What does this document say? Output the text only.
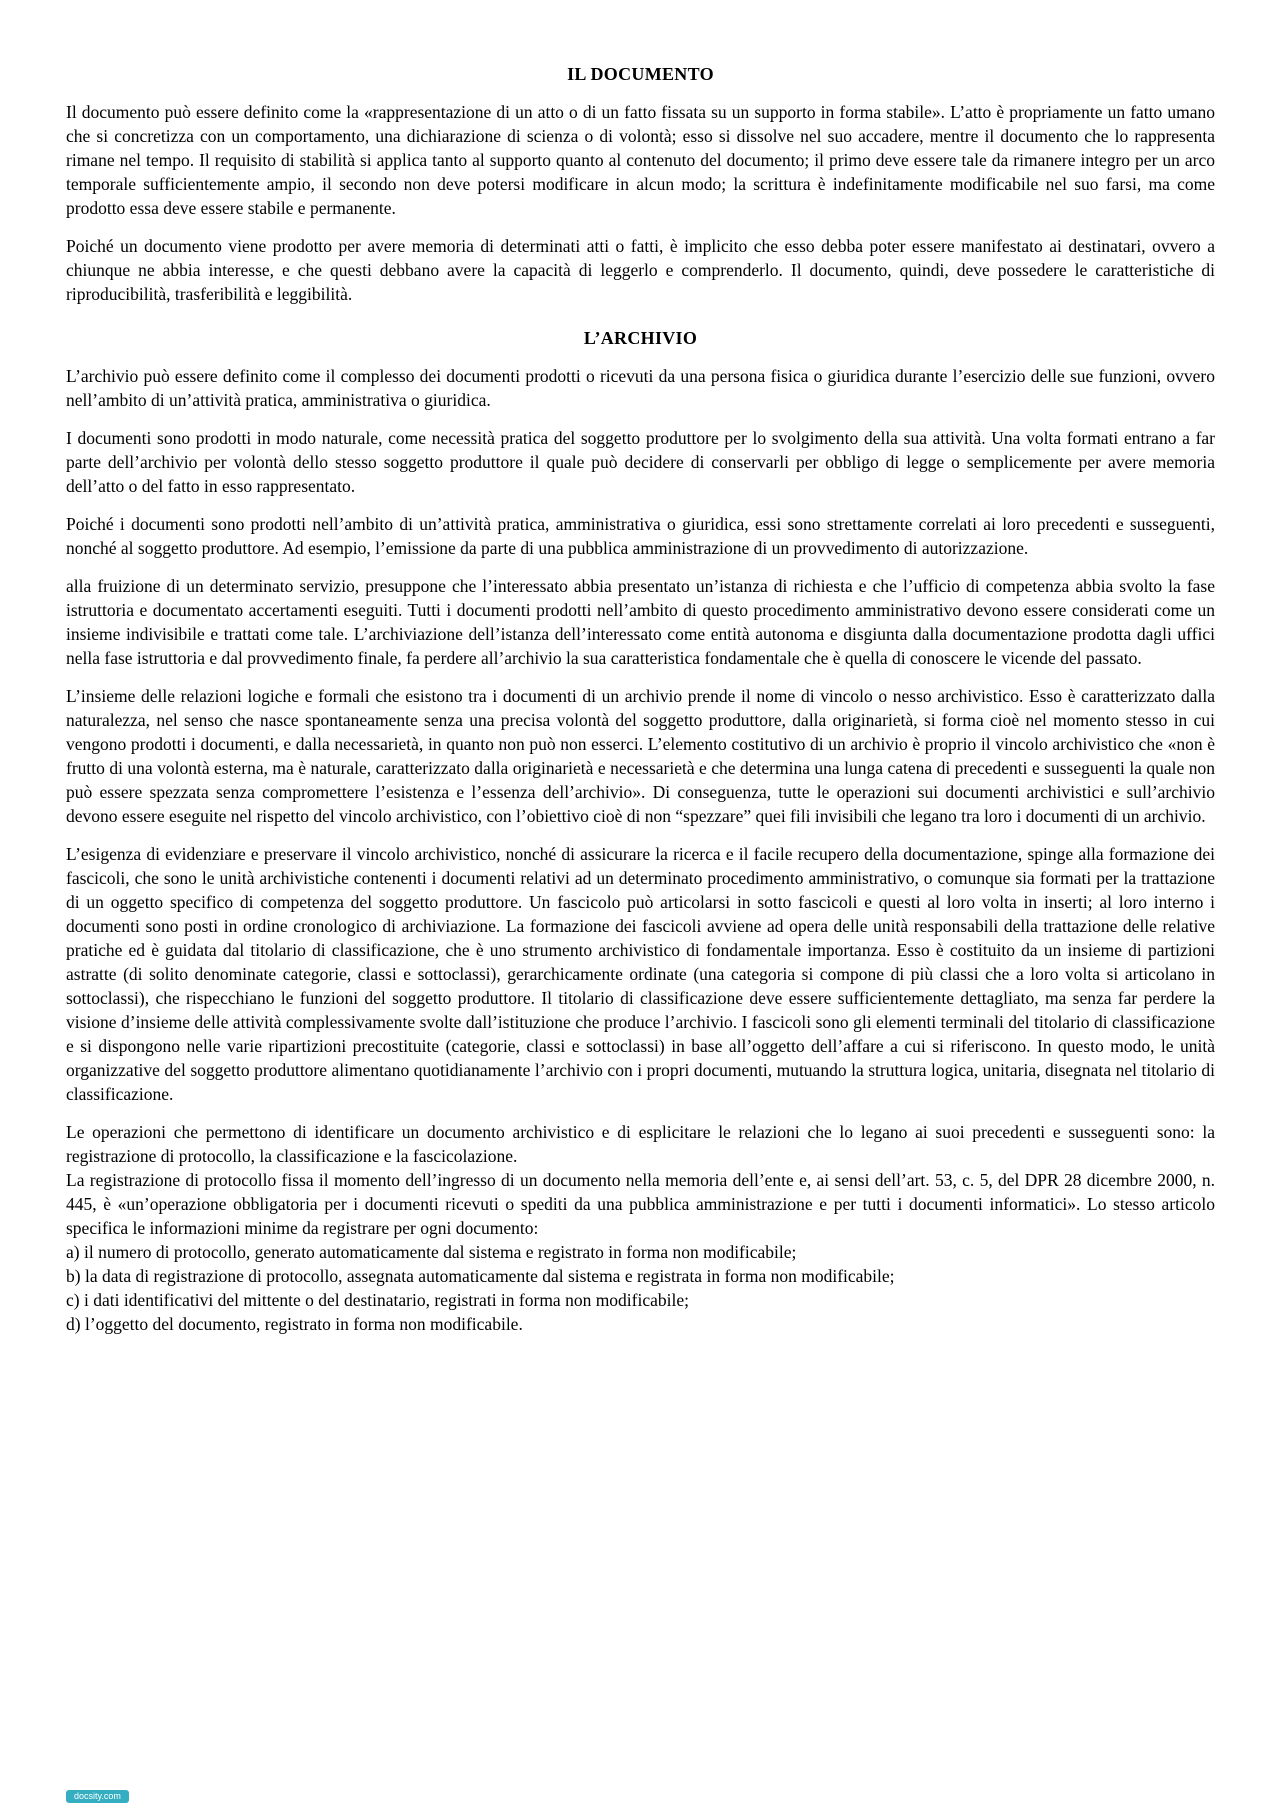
IL DOCUMENTO

Il documento può essere definito come la «rappresentazione di un atto o di un fatto fissata su un supporto in forma stabile». L’atto è propriamente un fatto umano che si concretizza con un comportamento, una dichiarazione di scienza o di volontà; esso si dissolve nel suo accadere, mentre il documento che lo rappresenta rimane nel tempo. Il requisito di stabilità si applica tanto al supporto quanto al contenuto del documento; il primo deve essere tale da rimanere integro per un arco temporale sufficientemente ampio, il secondo non deve potersi modificare in alcun modo; la scrittura è indefinitamente modificabile nel suo farsi, ma come prodotto essa deve essere stabile e permanente.

Poiché un documento viene prodotto per avere memoria di determinati atti o fatti, è implicito che esso debba poter essere manifestato ai destinatari, ovvero a chiunque ne abbia interesse, e che questi debbano avere la capacità di leggerlo e comprenderlo. Il documento, quindi, deve possedere le caratteristiche di riproducibilità, trasferibilità e leggibilità.

L’ARCHIVIO

L’archivio può essere definito come il complesso dei documenti prodotti o ricevuti da una persona fisica o giuridica durante l’esercizio delle sue funzioni, ovvero nell’ambito di un’attività pratica, amministrativa o giuridica.

I documenti sono prodotti in modo naturale, come necessità pratica del soggetto produttore per lo svolgimento della sua attività. Una volta formati entrano a far parte dell’archivio per volontà dello stesso soggetto produttore il quale può decidere di conservarli per obbligo di legge o semplicemente per avere memoria dell’atto o del fatto in esso rappresentato.

Poiché i documenti sono prodotti nell’ambito di un’attività pratica, amministrativa o giuridica, essi sono strettamente correlati ai loro precedenti e susseguenti, nonché al soggetto produttore. Ad esempio, l’emissione da parte di una pubblica amministrazione di un provvedimento di autorizzazione.

alla fruizione di un determinato servizio, presuppone che l’interessato abbia presentato un’istanza di richiesta e che l’ufficio di competenza abbia svolto la fase istruttoria e documentato accertamenti eseguiti. Tutti i documenti prodotti nell’ambito di questo procedimento amministrativo devono essere considerati come un insieme indivisibile e trattati come tale. L’archiviazione dell’istanza dell’interessato come entità autonoma e disgiunta dalla documentazione prodotta dagli uffici nella fase istruttoria e dal provvedimento finale, fa perdere all’archivio la sua caratteristica fondamentale che è quella di conoscere le vicende del passato.

L’insieme delle relazioni logiche e formali che esistono tra i documenti di un archivio prende il nome di vincolo o nesso archivistico. Esso è caratterizzato dalla naturalezza, nel senso che nasce spontaneamente senza una precisa volontà del soggetto produttore, dalla originarietà, si forma cioè nel momento stesso in cui vengono prodotti i documenti, e dalla necessarietà, in quanto non può non esserci. L’elemento costitutivo di un archivio è proprio il vincolo archivistico che «non è frutto di una volontà esterna, ma è naturale, caratterizzato dalla originarietà e necessarietà e che determina una lunga catena di precedenti e susseguenti la quale non può essere spezzata senza compromettere l’esistenza e l’essenza dell’archivio». Di conseguenza, tutte le operazioni sui documenti archivistici e sull’archivio devono essere eseguite nel rispetto del vincolo archivistico, con l’obiettivo cioè di non “spezzare” quei fili invisibili che legano tra loro i documenti di un archivio.

L’esigenza di evidenziare e preservare il vincolo archivistico, nonché di assicurare la ricerca e il facile recupero della documentazione, spinge alla formazione dei fascicoli, che sono le unità archivistiche contenenti i documenti relativi ad un determinato procedimento amministrativo, o comunque sia formati per la trattazione di un oggetto specifico di competenza del soggetto produttore. Un fascicolo può articolarsi in sotto fascicoli e questi al loro volta in inserti; al loro interno i documenti sono posti in ordine cronologico di archiviazione. La formazione dei fascicoli avviene ad opera delle unità responsabili della trattazione delle relative pratiche ed è guidata dal titolario di classificazione, che è uno strumento archivistico di fondamentale importanza. Esso è costituito da un insieme di partizioni astratte (di solito denominate categorie, classi e sottoclassi), gerarchicamente ordinate (una categoria si compone di più classi che a loro volta si articolano in sottoclassi), che rispecchiano le funzioni del soggetto produttore. Il titolario di classificazione deve essere sufficientemente dettagliato, ma senza far perdere la visione d’insieme delle attività complessivamente svolte dall’istituzione che produce l’archivio. I fascicoli sono gli elementi terminali del titolario di classificazione e si dispongono nelle varie ripartizioni precostituite (categorie, classi e sottoclassi) in base all’oggetto dell’affare a cui si riferiscono. In questo modo, le unità organizzative del soggetto produttore alimentano quotidianamente l’archivio con i propri documenti, mutuando la struttura logica, unitaria, disegnata nel titolario di classificazione.

Le operazioni che permettono di identificare un documento archivistico e di esplicitare le relazioni che lo legano ai suoi precedenti e susseguenti sono: la registrazione di protocollo, la classificazione e la fascicolazione.

La registrazione di protocollo fissa il momento dell’ingresso di un documento nella memoria dell’ente e, ai sensi dell’art. 53, c. 5, del DPR 28 dicembre 2000, n. 445, è «un’operazione obbligatoria per i documenti ricevuti o spediti da una pubblica amministrazione e per tutti i documenti informatici». Lo stesso articolo specifica le informazioni minime da registrare per ogni documento:

a) il numero di protocollo, generato automaticamente dal sistema e registrato in forma non modificabile;
b) la data di registrazione di protocollo, assegnata automaticamente dal sistema e registrata in forma non modificabile;
c) i dati identificativi del mittente o del destinatario, registrati in forma non modificabile;
d) l’oggetto del documento, registrato in forma non modificabile.
docsity.com
